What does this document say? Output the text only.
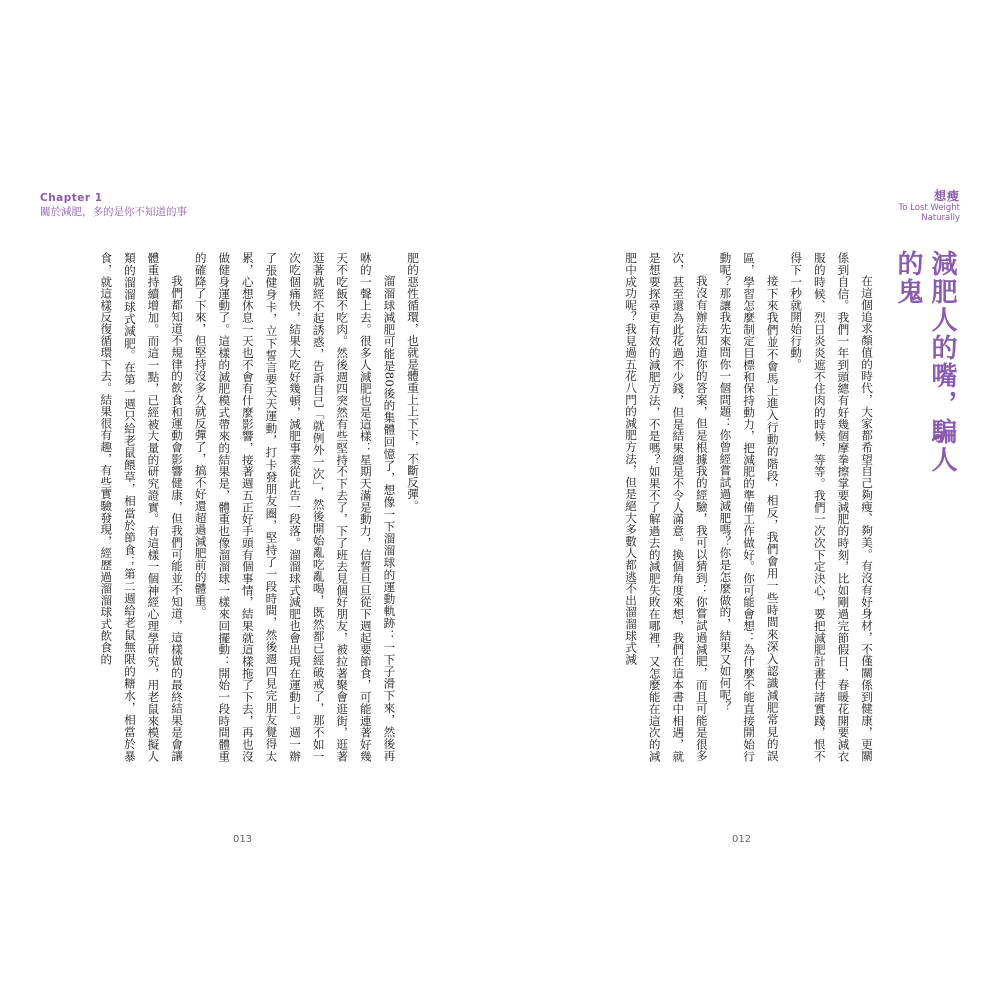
Chapter 1
關於減肥，多的是你不知道的事

肥的惡性循環，也就是體重上上下下，不斷反彈。

溜溜球減肥可能是80後的集體回憶了，想像一下溜溜球的運動軌跡：一下子滑下來，然後再咻的一聲上去。很多人減肥也是這樣：星期天滿是動力，信誓旦旦從下週起要節食，可能連著好幾天不吃飯不吃肉。然後週四突然有些堅持不下去了，下了班去見個好朋友，被拉著聚會逛街，逛著逛著就經不起誘惑，告訴自己「就例外一次」，然後開始亂吃亂喝，既然都已經破戒了，那不如一次吃個痛快，結果大吃好幾頓，減肥事業從此告一段落。溜溜球式減肥也會出現在運動上。週一辦了張健身卡，立下誓言要天天運動，打卡發朋友圈，堅持了一段時間，然後週四見完朋友覺得太累，心想休息一天也不會有什麼影響，接著週五正好手頭有個事情，結果就這樣拖了下去，再也沒做健身運動了。這樣的減肥模式帶來的結果是，體重也像溜溜球一樣來回擺動：開始一段時間體重的確降了下來，但堅持沒多久就反彈了，搞不好還超過減肥前的體重。

我們都知道不規律的飲食和運動會影響健康，但我們可能並不知道，這樣做的最終結果是會讓體重持續增加。而這一點，已經被大量的研究證實。有這樣一個神經心理學研究，用老鼠來模擬人類的溜溜球式減肥。在第一週只給老鼠餵草，相當於節食；第二週給老鼠無限的糖水，相當於暴食，就這樣反復循環下去。結果很有趣，有些實驗發現，經歷過溜溜球式飲食的

013
想瘦
To Lost Weight
Naturally
減肥人的嘴，騙人的鬼

在這個追求顏值的時代，大家都希望自己夠瘦、夠美。有沒有好身材，不僅關係到健康，更關係到自信。我們一年到頭總有好幾個摩拳擦掌要減肥的時刻，比如剛過完節假日、春暖花開要減衣服的時候、烈日炎炎遮不住肉的時候，等等。我們一次次下定決心，要把減肥計畫付諸實踐，恨不得下一秒就開始行動。

接下來我們並不會馬上進入行動的階段，相反，我們會用一些時間來深入認識減肥常見的誤區，學習怎麼制定目標和保持動力，把減肥的準備工作做好。你可能會想：為什麼不能直接開始行動呢？那讓我先來問你一個問題：你曾經嘗試過減肥嗎？你是怎麼做的，結果又如何呢？

我沒有辦法知道你的答案，但是根據我的經驗，我可以猜到：你嘗試過減肥，而且可能是很多次，甚至還為此花過不少錢，但是結果總是不令人滿意。換個角度來想，我們在這本書中相遇，就是想要探尋更有效的減肥方法，不是嗎？如果不了解過去的減肥失敗在哪裡，又怎麼能在這次的減肥中成功呢？我見過五花八門的減肥方法，但是絕大多數人都逃不出溜溜球式減

012
